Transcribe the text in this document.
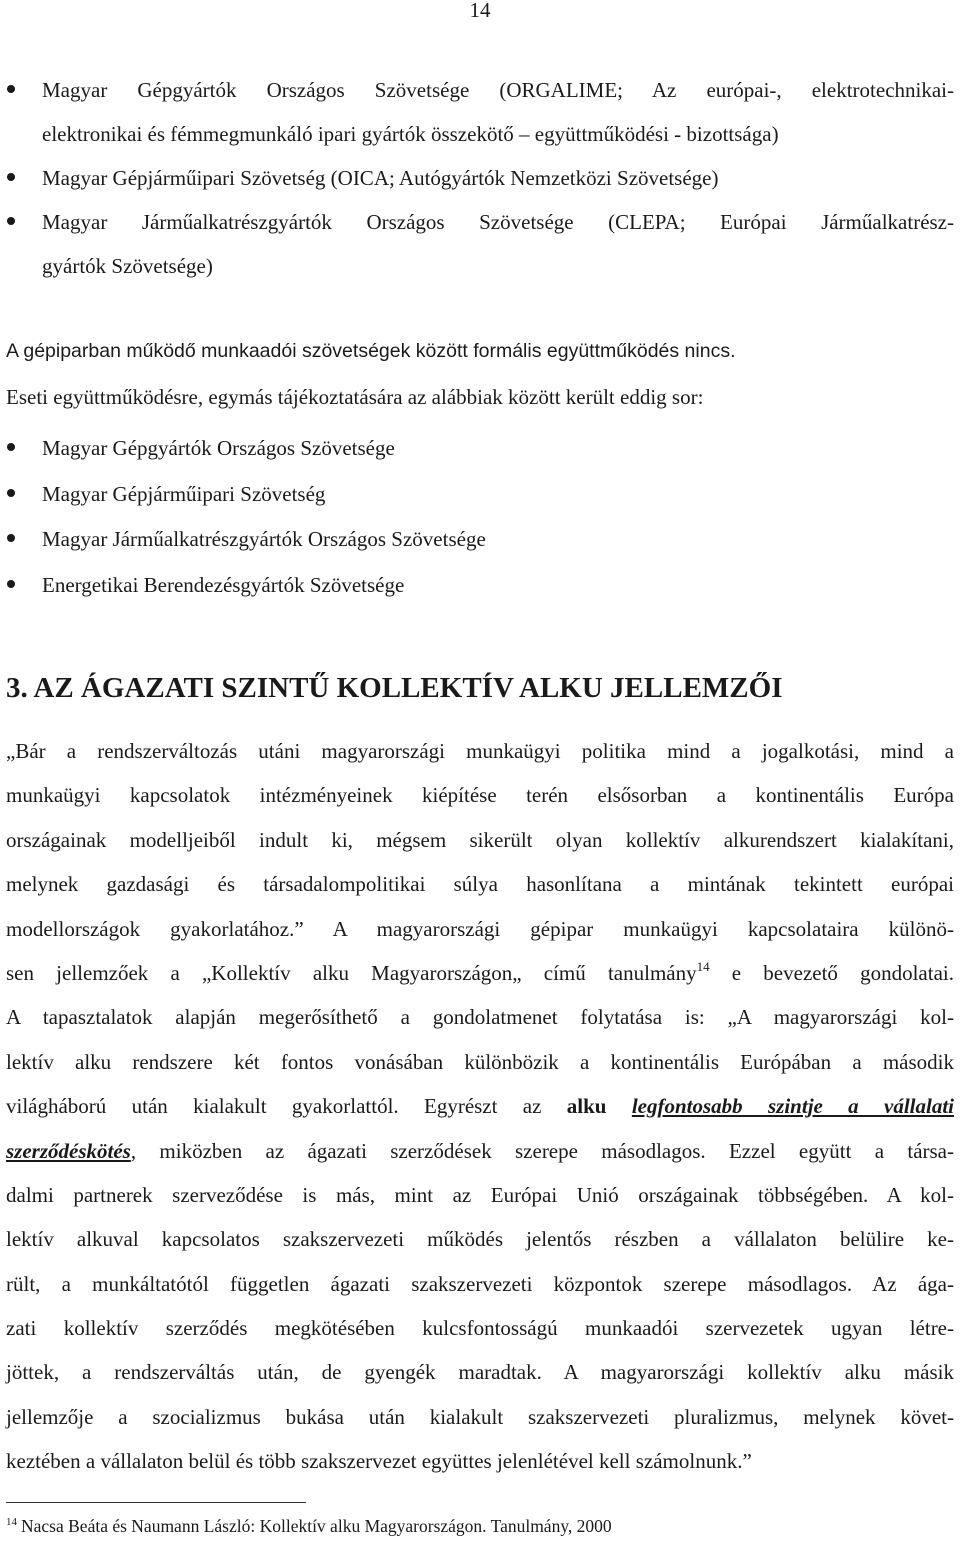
14
Magyar Gépgyártók Országos Szövetsége (ORGALIME; Az európai-, elektrotechnikai-
elektronikai és fémmegmunkáló ipari gyártók összekötő – együttműködési - bizottsága)
Magyar Gépjárműipari Szövetség (OICA; Autógyártók Nemzetközi Szövetsége)
Magyar Járműalkatrészgyártók Országos Szövetsége (CLEPA; Európai Járműalkatrész-
gyártók Szövetsége)
A gépiparban működő munkaadói szövetségek között formális együttműködés nincs.
Eseti együttműködésre, egymás tájékoztatására az alábbiak között került eddig sor:
Magyar Gépgyártók Országos Szövetsége
Magyar Gépjárműipari Szövetség
Magyar Járműalkatrészgyártók Országos Szövetsége
Energetikai Berendezésgyártók Szövetsége
3. AZ ÁGAZATI SZINTŰ KOLLEKTÍV ALKU JELLEMZŐI
„Bár a rendszerváltozás utáni magyarországi munkaügyi politika mind a jogalkotási, mind a
munkaügyi kapcsolatok intézményeinek kiépítése terén elsősorban a kontinentális Európa
országainak modelljeiből indult ki, mégsem sikerült olyan kollektív alkurendszert kialakítani,
melynek gazdasági és társadalompolitikai súlya hasonlítana a mintának tekintett európai
modellországok gyakorlatához.” A magyarországi gépipar munkaügyi kapcsolataira különö-
sen jellemzőek a „Kollektív alku Magyarországon„ című tanulmány$^{14}$ e bevezető gondolatai.
A tapasztalatok alapján megerősíthető a gondolatmenet folytatása is: „A magyarországi kol-
lektív alku rendszere két fontos vonásában különbözik a kontinentális Európában a második
világháború után kialakult gyakorlattól. Egyrészt az alku legfontosabb szintje a vállalati
szerződéskötés, miközben az ágazati szerződések szerepe másodlagos. Ezzel együtt a társa-
dalmi partnerek szerveződése is más, mint az Európai Unió országainak többségében. A kol-
lektív alkuval kapcsolatos szakszervezeti működés jelentős részben a vállalaton belülire ke-
rült, a munkáltatótól független ágazati szakszervezeti központok szerepe másodlagos. Az ága-
zati kollektív szerződés megkötésében kulcsfontosságú munkaadói szervezetek ugyan létre-
jöttek, a rendszerváltás után, de gyengék maradtak. A magyarországi kollektív alku másik
jellemzője a szocializmus bukása után kialakult szakszervezeti pluralizmus, melynek követ-
keztében a vállalaton belül és több szakszervezet együttes jelenlétével kell számolnunk.”
$^{14}$ Nacsa Beáta és Naumann László: Kollektív alku Magyarországon. Tanulmány, 2000
